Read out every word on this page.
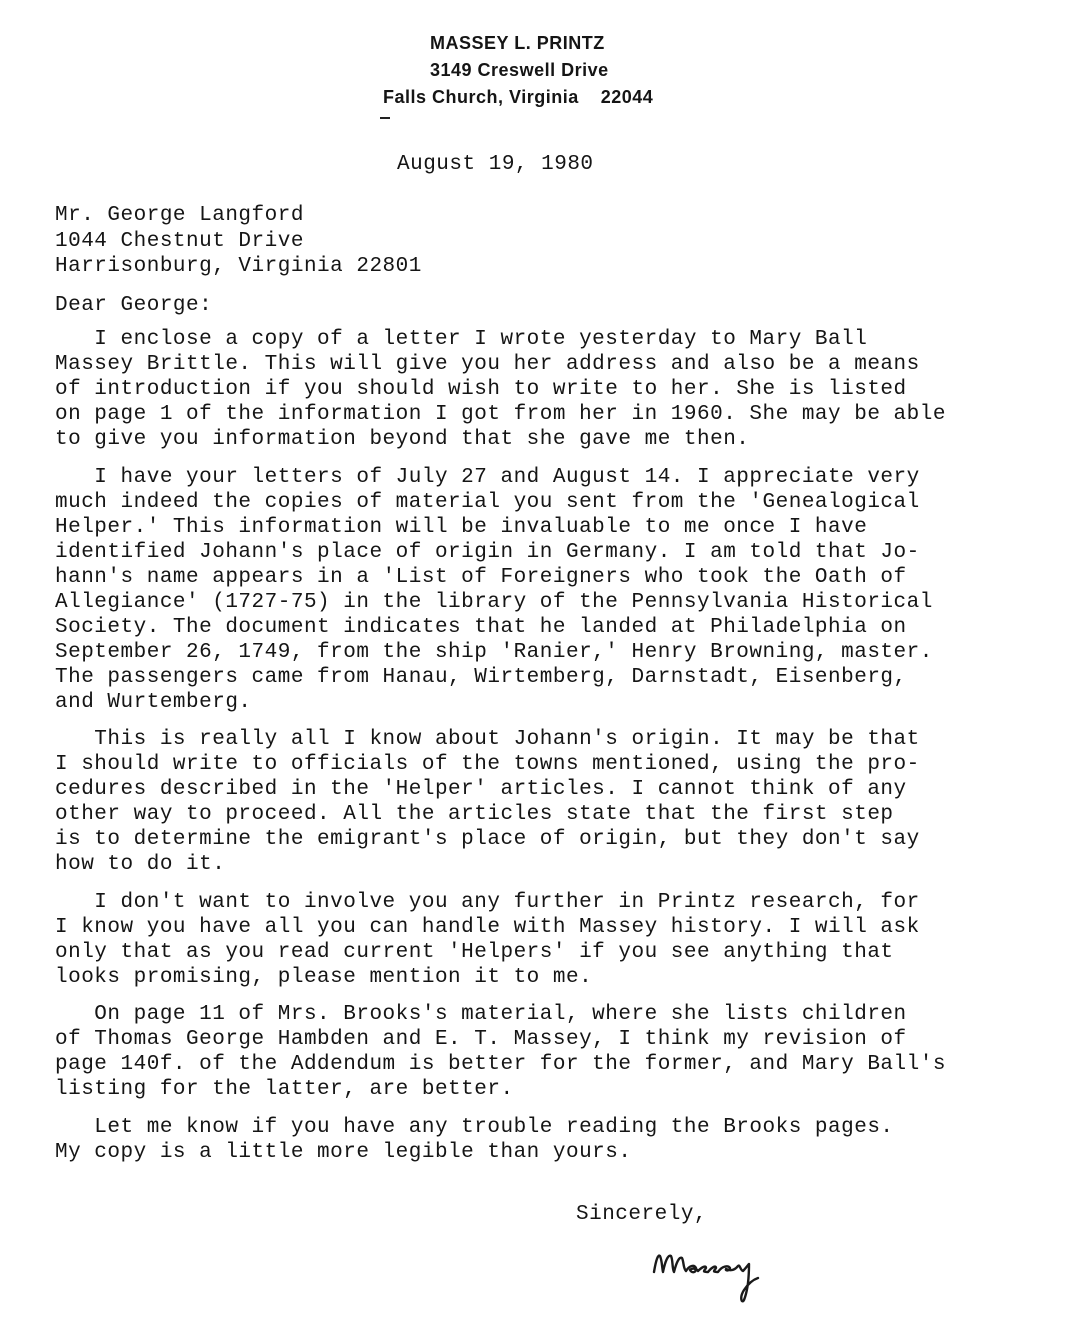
MASSEY L. PRINTZ
3149 Creswell Drive
Falls Church, Virginia 22044
August 19, 1980
Mr. George Langford
1044 Chestnut Drive
Harrisonburg, Virginia 22801
Dear George:
I enclose a copy of a letter I wrote yesterday to Mary Ball
Massey Brittle. This will give you her address and also be a means
of introduction if you should wish to write to her. She is listed
on page 1 of the information I got from her in 1960. She may be able
to give you information beyond that she gave me then.
I have your letters of July 27 and August 14. I appreciate very
much indeed the copies of material you sent from the 'Genealogical
Helper.' This information will be invaluable to me once I have
identified Johann's place of origin in Germany. I am told that Jo-
hann's name appears in a 'List of Foreigners who took the Oath of
Allegiance' (1727-75) in the library of the Pennsylvania Historical
Society. The document indicates that he landed at Philadelphia on
September 26, 1749, from the ship 'Ranier,' Henry Browning, master.
The passengers came from Hanau, Wirtemberg, Darnstadt, Eisenberg,
and Wurtemberg.
This is really all I know about Johann's origin. It may be that
I should write to officials of the towns mentioned, using the pro-
cedures described in the 'Helper' articles. I cannot think of any
other way to proceed. All the articles state that the first step
is to determine the emigrant's place of origin, but they don't say
how to do it.
I don't want to involve you any further in Printz research, for
I know you have all you can handle with Massey history. I will ask
only that as you read current 'Helpers' if you see anything that
looks promising, please mention it to me.
On page 11 of Mrs. Brooks's material, where she lists children
of Thomas George Hambden and E. T. Massey, I think my revision of
page 140f. of the Addendum is better for the former, and Mary Ball's
listing for the latter, are better.
Let me know if you have any trouble reading the Brooks pages.
My copy is a little more legible than yours.
Sincerely,
